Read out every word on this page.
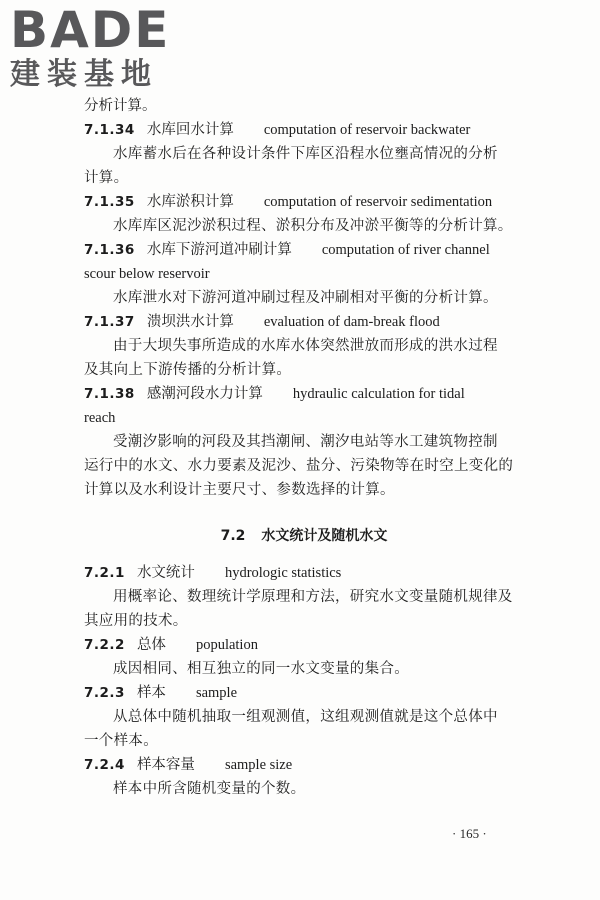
BADE
建装基地
分析计算。
7.1.34 水库回水计算 computation of reservoir backwater
水库蓄水后在各种设计条件下库区沿程水位壅高情况的分析
计算。
7.1.35 水库淤积计算 computation of reservoir sedimentation
水库库区泥沙淤积过程、淤积分布及冲淤平衡等的分析计算。
7.1.36 水库下游河道冲刷计算 computation of river channel
scour below reservoir
水库泄水对下游河道冲刷过程及冲刷相对平衡的分析计算。
7.1.37 溃坝洪水计算 evaluation of dam-break flood
由于大坝失事所造成的水库水体突然泄放而形成的洪水过程
及其向上下游传播的分析计算。
7.1.38 感潮河段水力计算 hydraulic calculation for tidal
reach
受潮汐影响的河段及其挡潮闸、潮汐电站等水工建筑物控制
运行中的水文、水力要素及泥沙、盐分、污染物等在时空上变化的
计算以及水利设计主要尺寸、参数选择的计算。
7.2 水文统计及随机水文
7.2.1 水文统计 hydrologic statistics
用概率论、数理统计学原理和方法，研究水文变量随机规律及
其应用的技术。
7.2.2 总体 population
成因相同、相互独立的同一水文变量的集合。
7.2.3 样本 sample
从总体中随机抽取一组观测值，这组观测值就是这个总体中
一个样本。
7.2.4 样本容量 sample size
样本中所含随机变量的个数。
· 165 ·
